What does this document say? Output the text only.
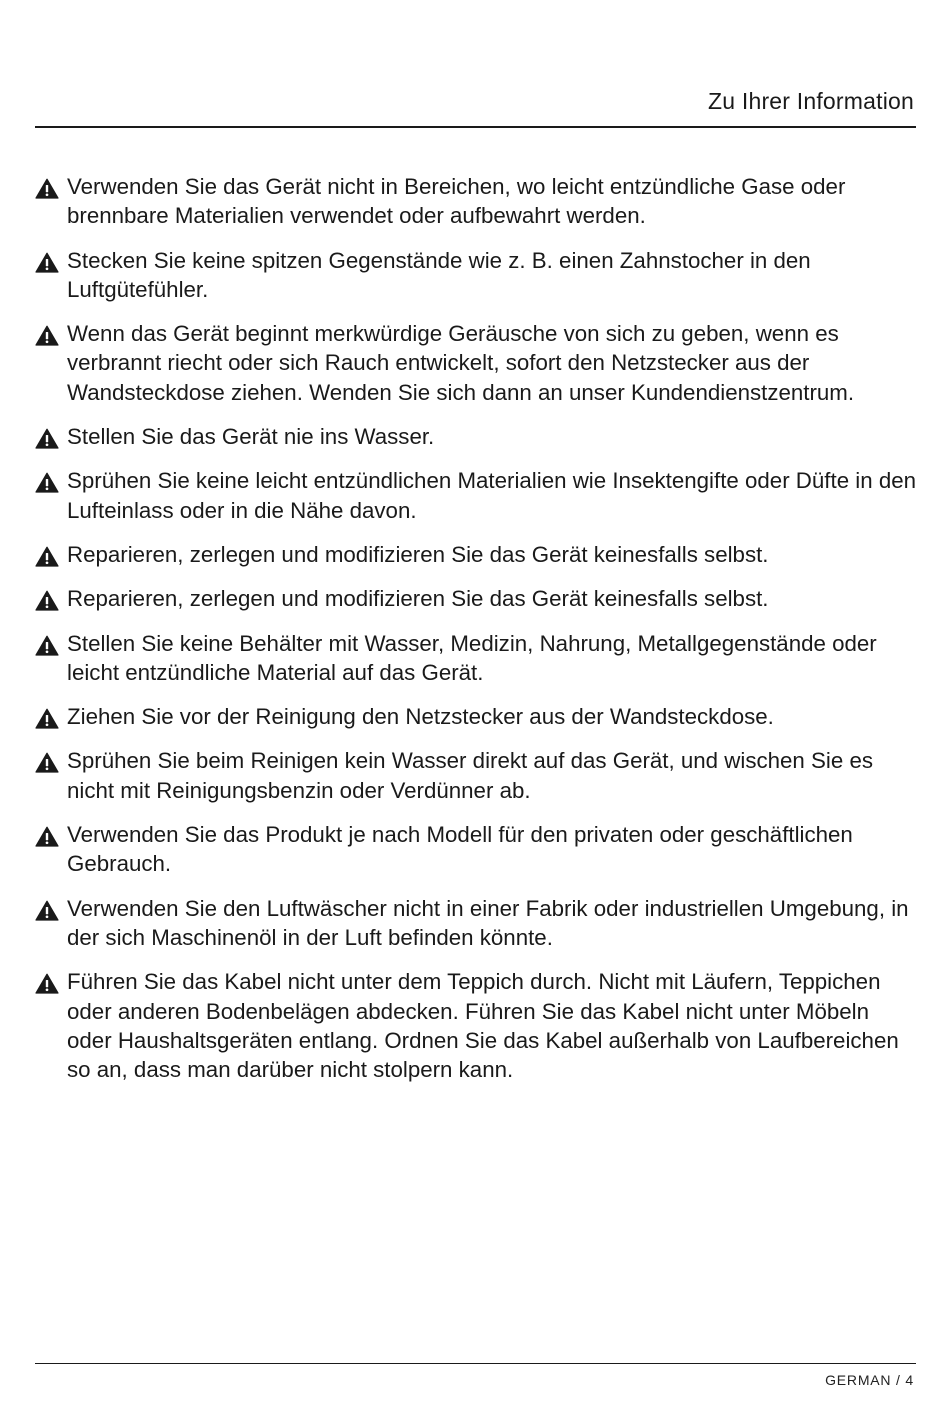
Zu Ihrer Information
Verwenden Sie das Gerät nicht in Bereichen, wo leicht entzündliche Gase oder brennbare Materialien verwendet oder aufbewahrt werden.
Stecken Sie keine spitzen Gegenstände wie z. B. einen Zahnstocher in den Luftgütefühler.
Wenn das Gerät beginnt merkwürdige Geräusche von sich zu geben, wenn es verbrannt riecht oder sich Rauch entwickelt, sofort den Netzstecker aus der Wandsteckdose ziehen. Wenden Sie sich dann an unser Kundendienstzentrum.
Stellen Sie das Gerät nie ins Wasser.
Sprühen Sie keine leicht entzündlichen Materialien wie Insektengifte oder Düfte in den Lufteinlass oder in die Nähe davon.
Reparieren, zerlegen und modifizieren Sie das Gerät keinesfalls selbst.
Reparieren, zerlegen und modifizieren Sie das Gerät keinesfalls selbst.
Stellen Sie keine Behälter mit Wasser, Medizin, Nahrung, Metallgegenstände oder leicht entzündliche Material auf das Gerät.
Ziehen Sie vor der Reinigung den Netzstecker aus der Wandsteckdose.
Sprühen Sie beim Reinigen kein Wasser direkt auf das Gerät, und wischen Sie es nicht mit Reinigungsbenzin oder Verdünner ab.
Verwenden Sie das Produkt je nach Modell für den privaten oder geschäftlichen Gebrauch.
Verwenden Sie den Luftwäscher nicht in einer Fabrik oder industriellen Umgebung, in der sich Maschinenöl in der Luft befinden könnte.
Führen Sie das Kabel nicht unter dem Teppich durch. Nicht mit Läufern, Teppichen oder anderen Bodenbelägen abdecken. Führen Sie das Kabel nicht unter Möbeln oder Haushaltsgeräten entlang. Ordnen Sie das Kabel außerhalb von Laufbereichen so an, dass man darüber nicht stolpern kann.
GERMAN / 4
